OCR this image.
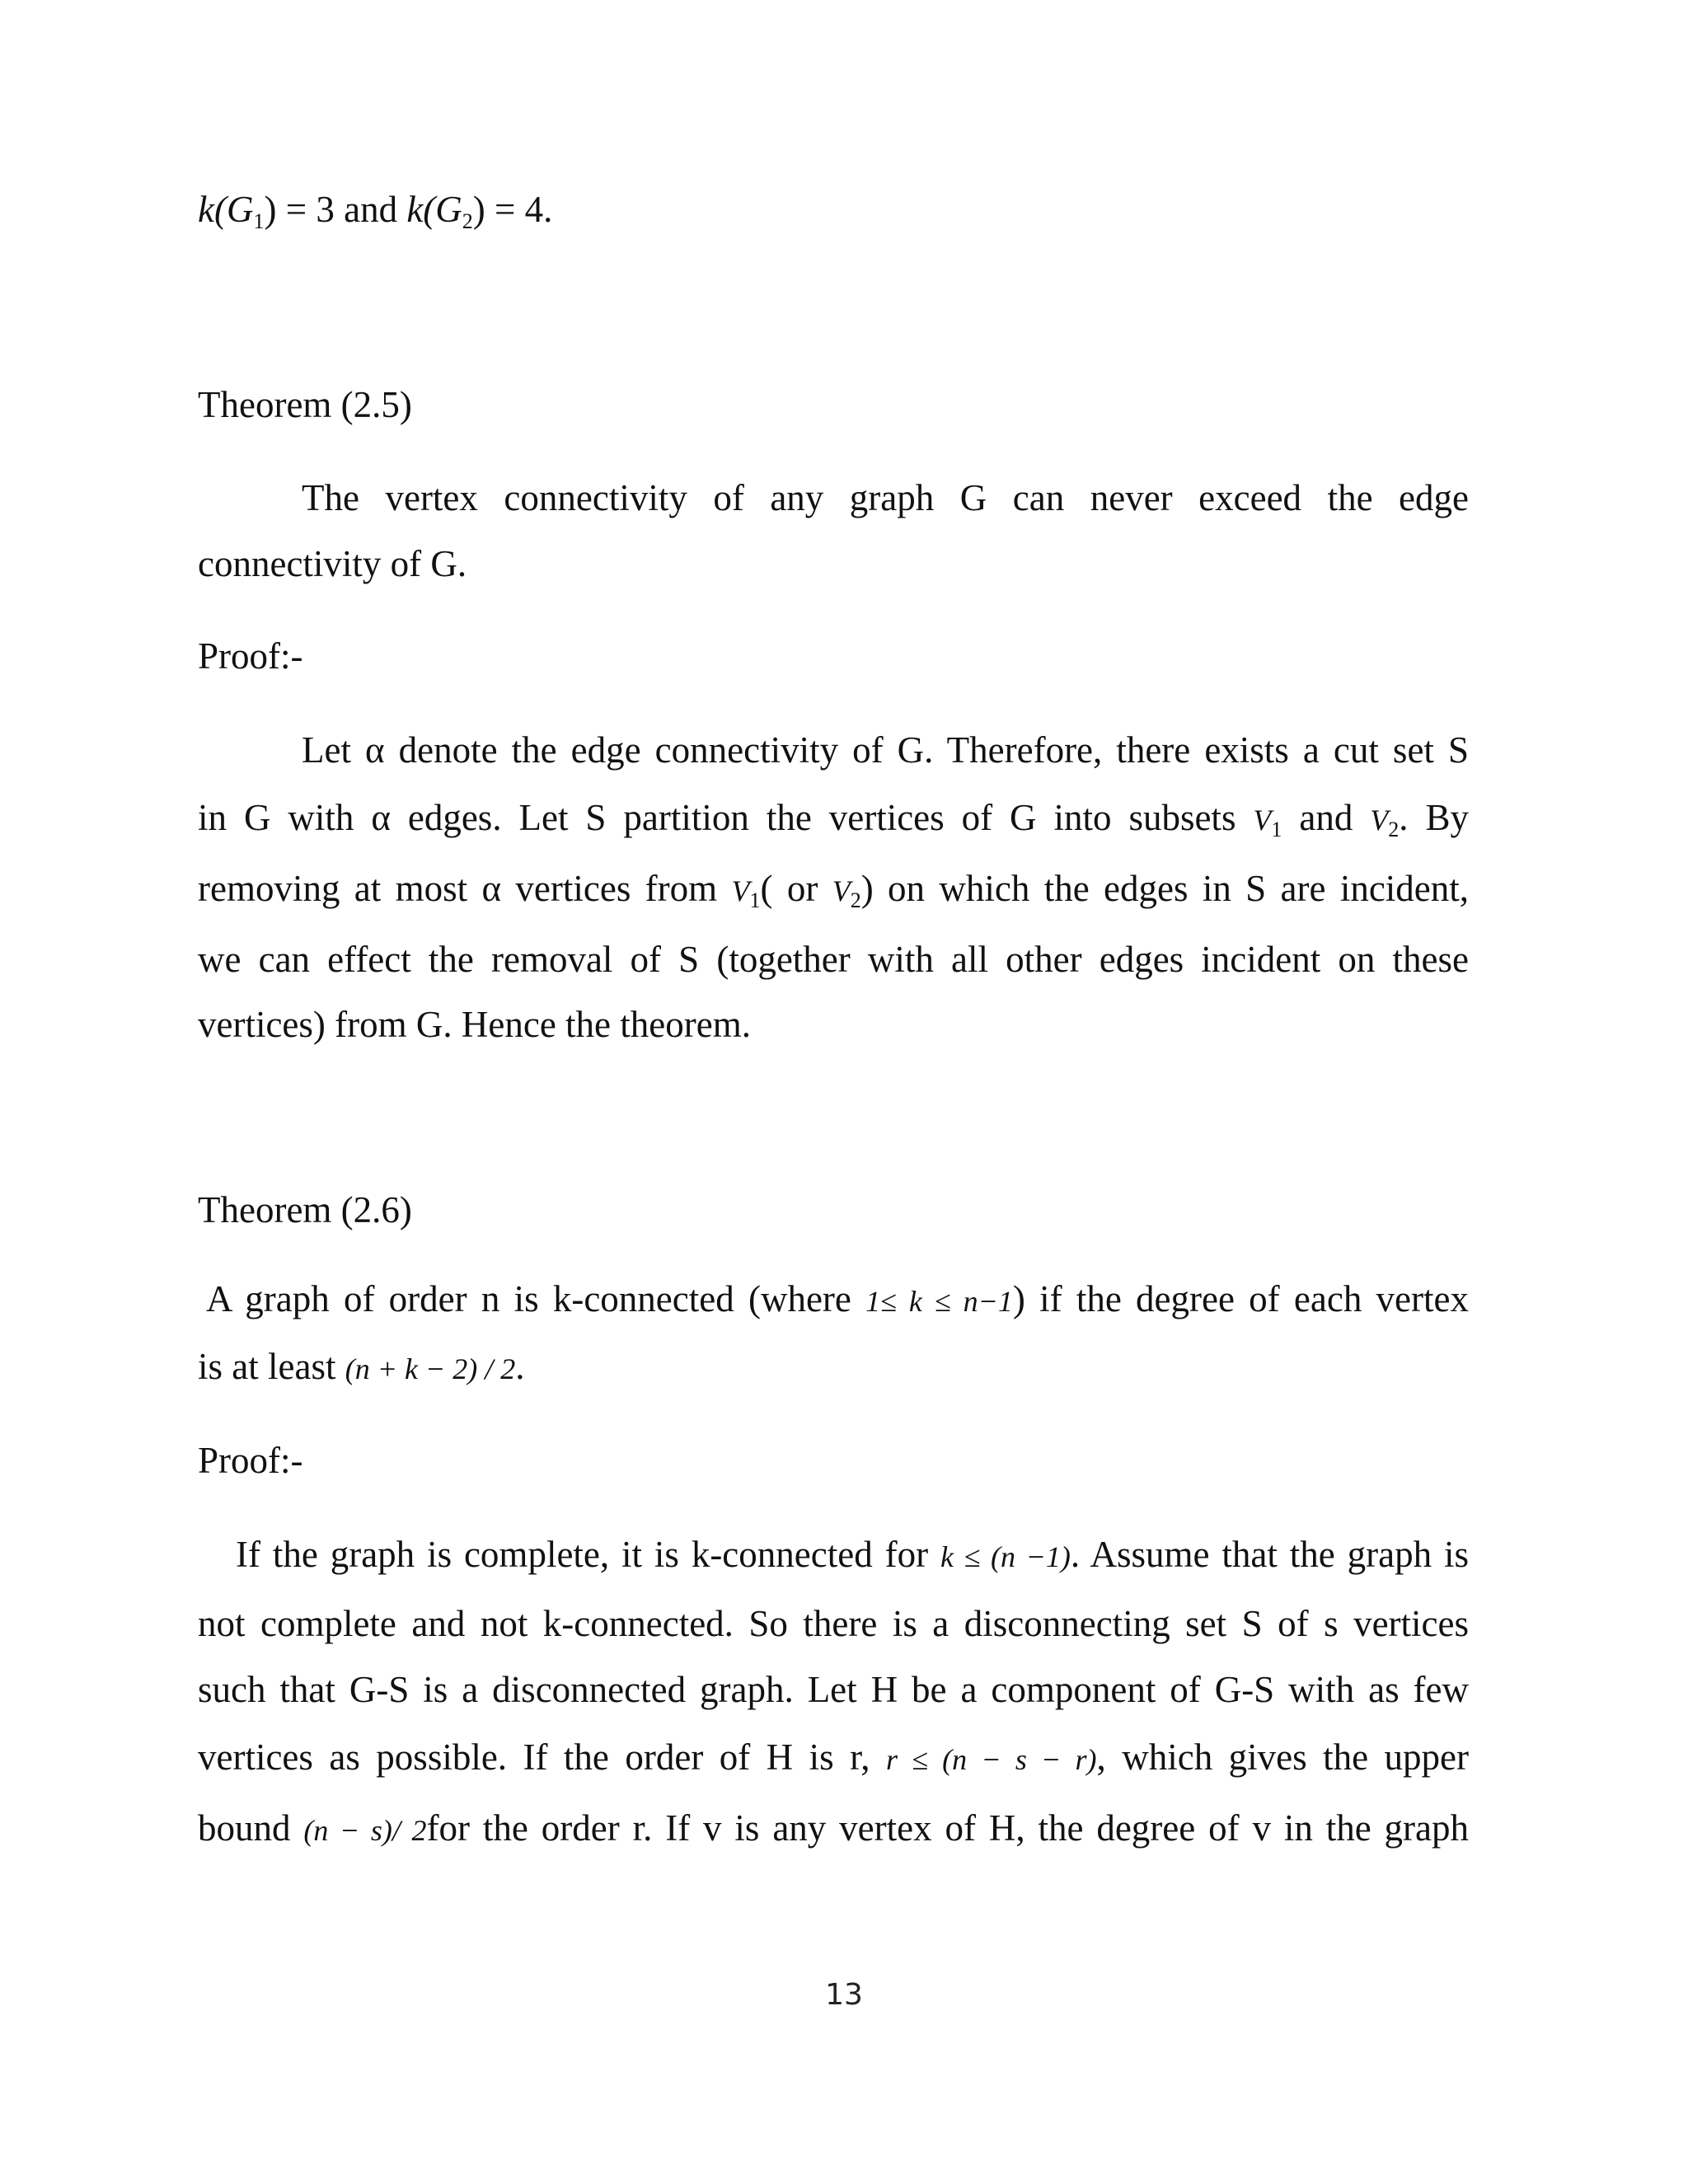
$k(G_1) = 3$ and $k(G_2) = 4$.
Theorem (2.5)
The vertex connectivity of any graph G can never exceed the edge
connectivity of G.
Proof:-
Let α denote the edge connectivity of G. Therefore, there exists a cut set S
in G with α edges. Let S partition the vertices of G into subsets $V_1$ and $V_2$. By
removing at most α vertices from $V_1$( or $V_2$) on which the edges in S are incident,
we can effect the removal of S (together with all other edges incident on these
vertices) from G. Hence the theorem.
Theorem (2.6)
A graph of order n is k-connected (where 1≤ k ≤ n−1) if the degree of each vertex
is at least (n + k − 2) / 2.
Proof:-
If the graph is complete, it is k-connected for k ≤ (n −1). Assume that the graph is
not complete and not k-connected. So there is a disconnecting set S of s vertices
such that G-S is a disconnected graph. Let H be a component of G-S with as few
vertices as possible. If the order of H is r, r ≤ (n − s − r), which gives the upper
bound (n − s)/ 2for the order r. If v is any vertex of H, the degree of v in the graph
13
